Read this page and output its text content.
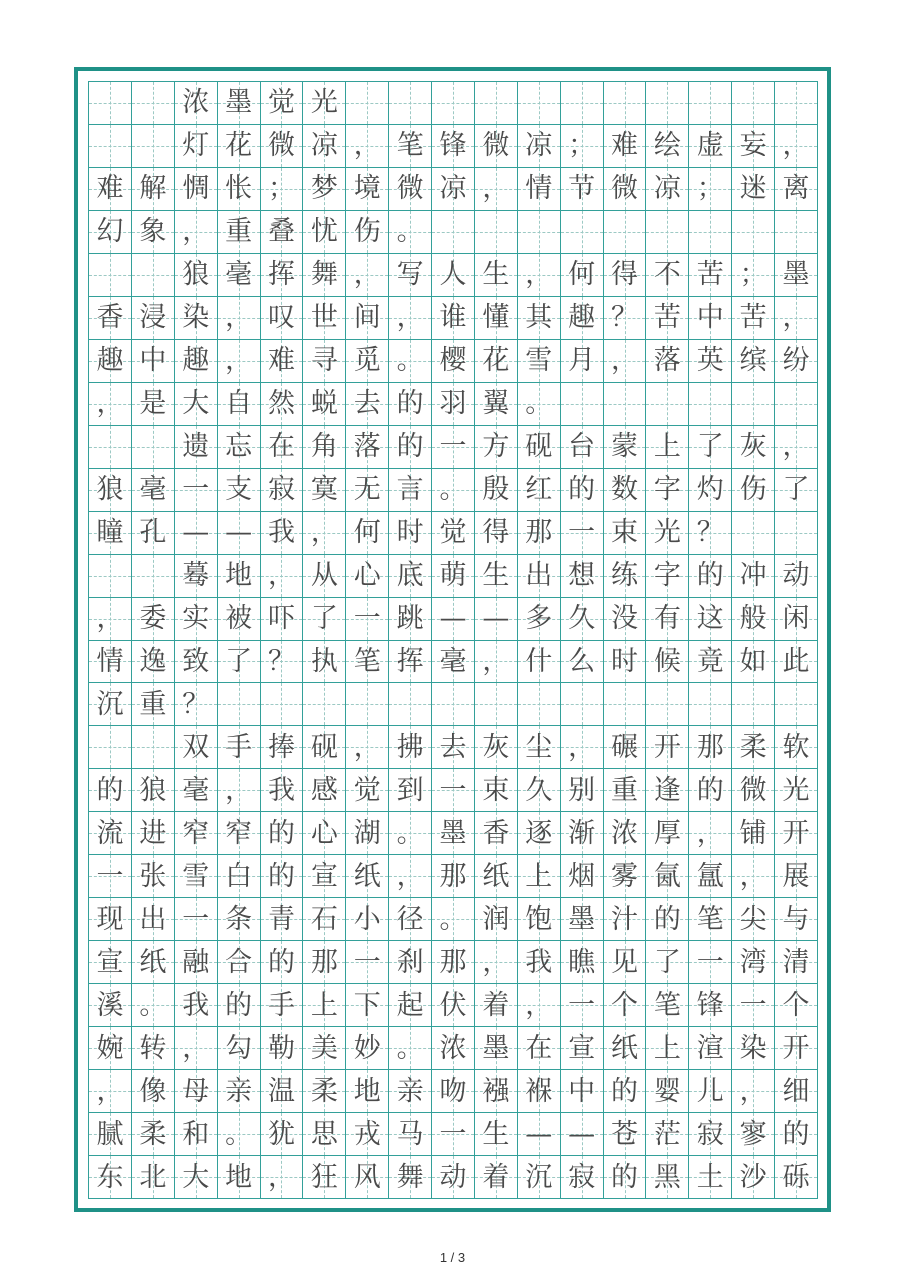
浓 墨 觉 光
灯 花 微 凉 ， 笔 锋 微 凉 ； 难 绘 虚 妄 ，
难 解 惆 怅 ； 梦 境 微 凉 ， 情 节 微 凉 ； 迷 离
幻 象 ， 重 叠 忧 伤 。
狼 毫 挥 舞 ， 写 人 生 ， 何 得 不 苦 ； 墨
香 浸 染 ， 叹 世 间 ， 谁 懂 其 趣 ？ 苦 中 苦 ，
趣 中 趣 ， 难 寻 觅 。 樱 花 雪 月 ， 落 英 缤 纷
， 是 大 自 然 蜕 去 的 羽 翼 。
遗 忘 在 角 落 的 一 方 砚 台 蒙 上 了 灰 ，
狼 毫 一 支 寂 寞 无 言 。 殷 红 的 数 字 灼 伤 了
瞳 孔 — — 我 ， 何 时 觉 得 那 一 束 光 ？
蓦 地 ， 从 心 底 萌 生 出 想 练 字 的 冲 动
， 委 实 被 吓 了 一 跳 — — 多 久 没 有 这 般 闲
情 逸 致 了 ？ 执 笔 挥 毫 ， 什 么 时 候 竟 如 此
沉 重 ？
双 手 捧 砚 ， 拂 去 灰 尘 ， 碾 开 那 柔 软
的 狼 毫 ， 我 感 觉 到 一 束 久 别 重 逢 的 微 光
流 进 窄 窄 的 心 湖 。 墨 香 逐 渐 浓 厚 ， 铺 开
一 张 雪 白 的 宣 纸 ， 那 纸 上 烟 雾 氤 氲 ， 展
现 出 一 条 青 石 小 径 。 润 饱 墨 汁 的 笔 尖 与
宣 纸 融 合 的 那 一 刹 那 ， 我 瞧 见 了 一 湾 清
溪 。 我 的 手 上 下 起 伏 着 ， 一 个 笔 锋 一 个
婉 转 ， 勾 勒 美 妙 。 浓 墨 在 宣 纸 上 渲 染 开
， 像 母 亲 温 柔 地 亲 吻 襁 褓 中 的 婴 儿 ， 细
腻 柔 和 。 犹 思 戎 马 一 生 — — 苍 茫 寂 寥 的
东 北 大 地 ， 狂 风 舞 动 着 沉 寂 的 黑 土 沙 砾
1 / 3
